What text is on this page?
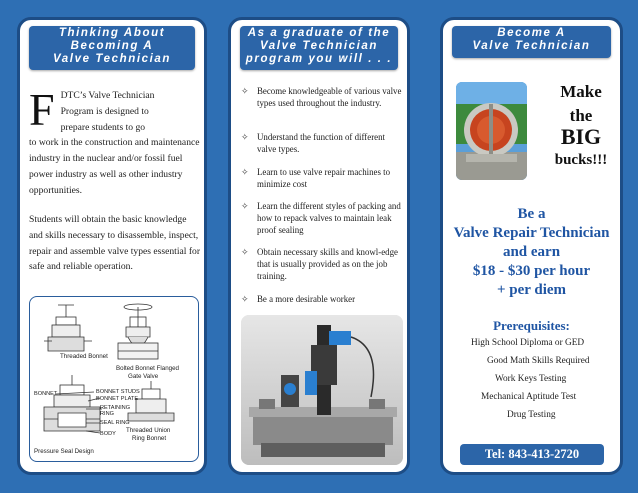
Thinking About
Becoming A
Valve Technician
F DTC’s Valve Technician
Program is designed to
prepare students to go
to work in the construction and maintenance industry in the nuclear and/or fossil fuel power industry as well as other industry opportunities.
Students will obtain the basic knowledge and skills necessary to disassemble, inspect, repair and assemble valve types essential for safe and reliable operation.
Threaded Bonnet
Bolted Bonnet Flanged
Gate Valve
BONNET	BONNET STUDS
BONNET PLATE
RETAINING
RING
SEAL RING
BODY Threaded Union
Ring Bonnet
Pressure Seal Design
As a graduate of the
Valve Technician
program you will . . .
✧ Become knowledgeable of various valve types used throughout the industry.
✧ Understand the function of different valve types.
✧ Learn to use valve repair machines to minimize cost
✧ Learn the different styles of packing and how to repack valves to maintain leak proof sealing
✧ Obtain necessary skills and knowl-edge that is usually provided as on the job training.
✧ Be a more desirable worker
Become A
Valve Technician
Make
the
BIG
bucks!!!
Be a
Valve Repair Technician
and earn
$18 - $30 per hour
+ per diem
Prerequisites:
High School Diploma or GED
Good Math Skills Required
Work Keys Testing
Mechanical Aptitude Test
Drug Testing
Tel: 843-413-2720
